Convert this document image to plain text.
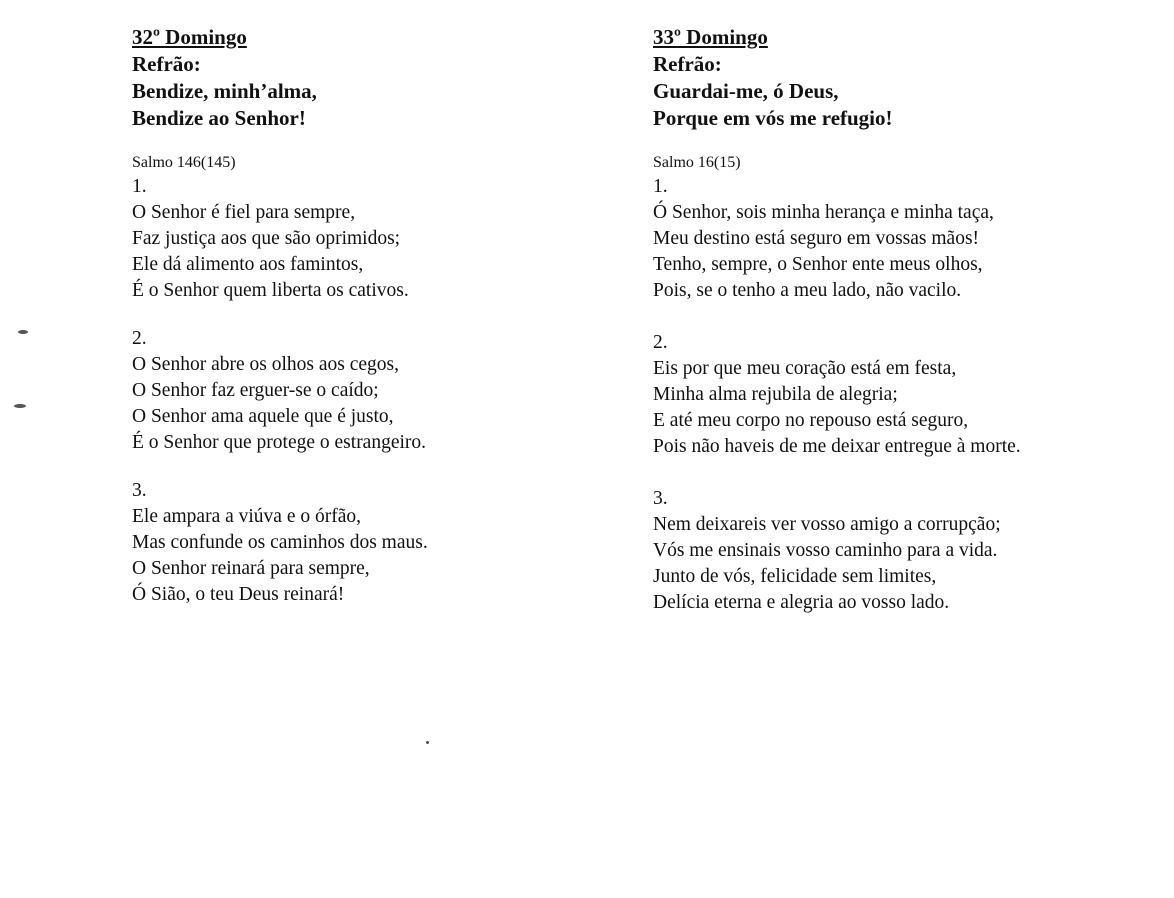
32º Domingo
Refrão:
Bendize, minh’alma,
Bendize ao Senhor!
Salmo 146(145)
1.
O Senhor é fiel para sempre,
Faz justiça aos que são oprimidos;
Ele dá alimento aos famintos,
É o Senhor quem liberta os cativos.
2.
O Senhor abre os olhos aos cegos,
O Senhor faz erguer-se o caído;
O Senhor ama aquele que é justo,
É o Senhor que protege o estrangeiro.
3.
Ele ampara a viúva e o órfão,
Mas confunde os caminhos dos maus.
O Senhor reinará para sempre,
Ó Sião, o teu Deus reinará!
33º Domingo
Refrão:
Guardai-me, ó Deus,
Porque em vós me refugio!
Salmo 16(15)
1.
Ó Senhor, sois minha herança e minha taça,
Meu destino está seguro em vossas mãos!
Tenho, sempre, o Senhor ente meus olhos,
Pois, se o tenho a meu lado, não vacilo.
2.
Eis por que meu coração está em festa,
Minha alma rejubila de alegria;
E até meu corpo no repouso está seguro,
Pois não haveis de me deixar entregue à morte.
3.
Nem deixareis ver vosso amigo a corrupção;
Vós me ensinais vosso caminho para a vida.
Junto de vós, felicidade sem limites,
Delícia eterna e alegria ao vosso lado.
